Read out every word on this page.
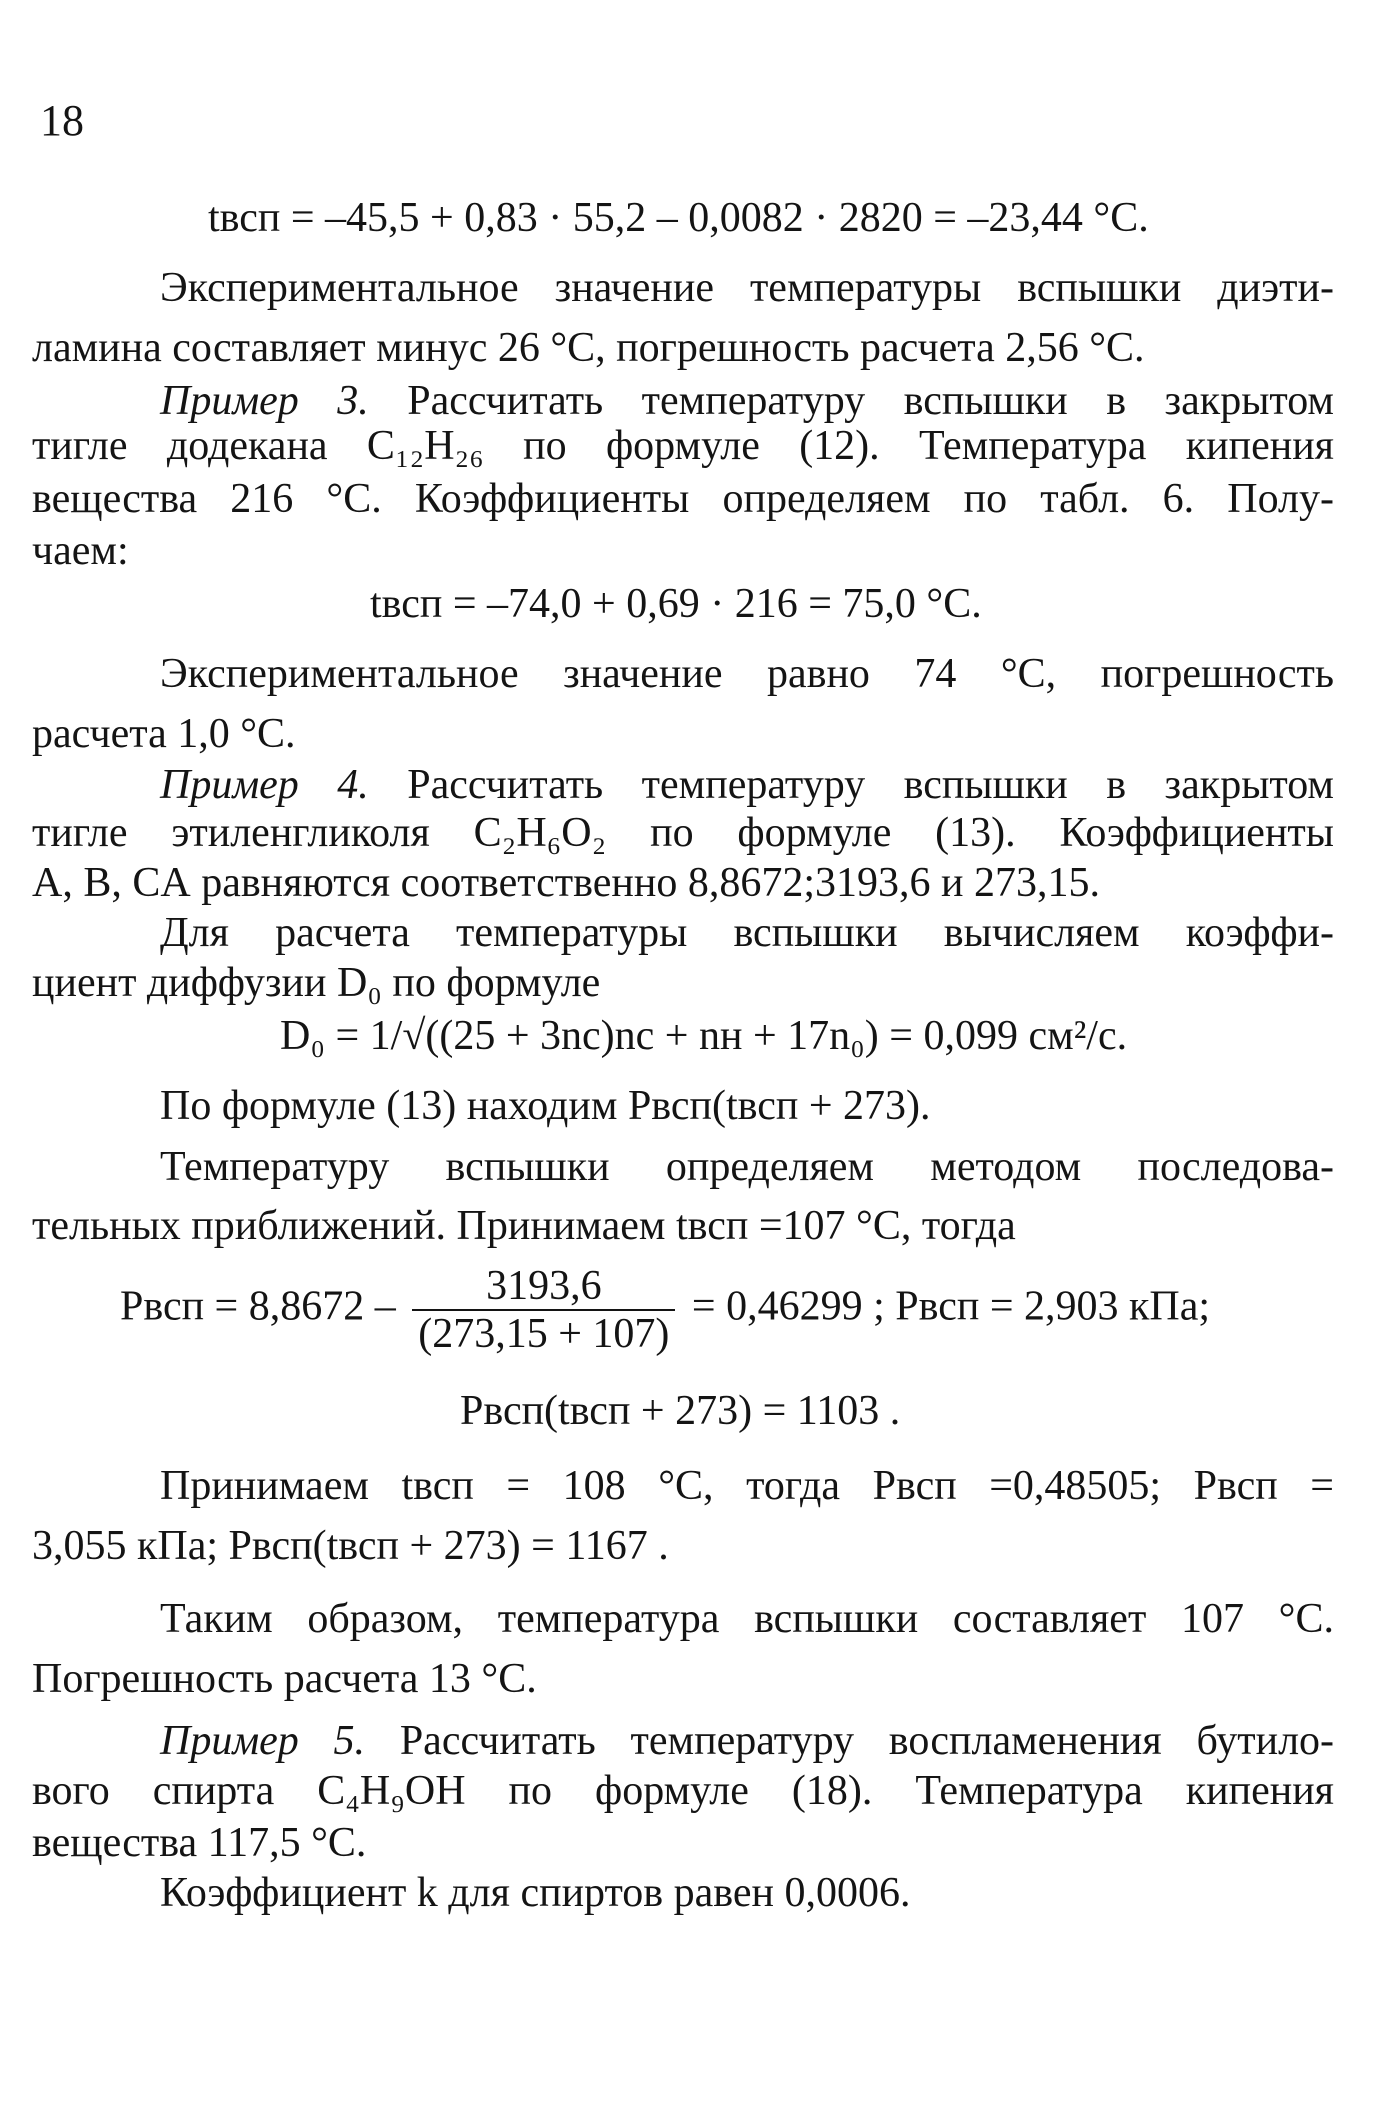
18
tвсп = –45,5 + 0,83 · 55,2 – 0,0082 · 2820 = –23,44 °C.
Экспериментальное значение температуры вспышки диэти-
ламина составляет минус 26 °С, погрешность расчета 2,56 °С.
Пример 3. Рассчитать температуру вспышки в закрытом
тигле додекана C₁₂H₂₆ по формуле (12). Температура кипения
вещества 216 °С. Коэффициенты определяем по табл. 6. Полу-
чаем:
tвсп = –74,0 + 0,69 · 216 = 75,0 °C.
Экспериментальное значение равно 74 °С, погрешность
расчета 1,0 °С.
Пример 4. Рассчитать температуру вспышки в закрытом
тигле этиленгликоля C₂H₆O₂ по формуле (13). Коэффициенты
А, В, CА равняются соответственно 8,8672;3193,6 и 273,15.
Для расчета температуры вспышки вычисляем коэффи-
циент диффузии D₀ по формуле
D₀ = 1/√((25 + 3nc)nc + nн + 17n₀) = 0,099 см²/с.
По формуле (13) находим Pвсп(tвсп + 273).
Температуру вспышки определяем методом последова-
тельных приближений. Принимаем tвсп =107 °С, тогда
Pвсп = $8,8672 - \frac{3193,6}{(273,15 + 107)} = 0,46299$ ; Pвсп = 2,903 кПа;
Pвсп(tвсп + 273) = 1103 .
Принимаем tвсп = 108 °С, тогда Pвсп =0,48505; Pвсп =
3,055 кПа; Pвсп(tвсп + 273) = 1167 .
Таким образом, температура вспышки составляет 107 °С.
Погрешность расчета 13 °С.
Пример 5. Рассчитать температуру воспламенения бутило-
вого спирта C₄H₉OH по формуле (18). Температура кипения
вещества 117,5 °С.
Коэффициент k для спиртов равен 0,0006.
